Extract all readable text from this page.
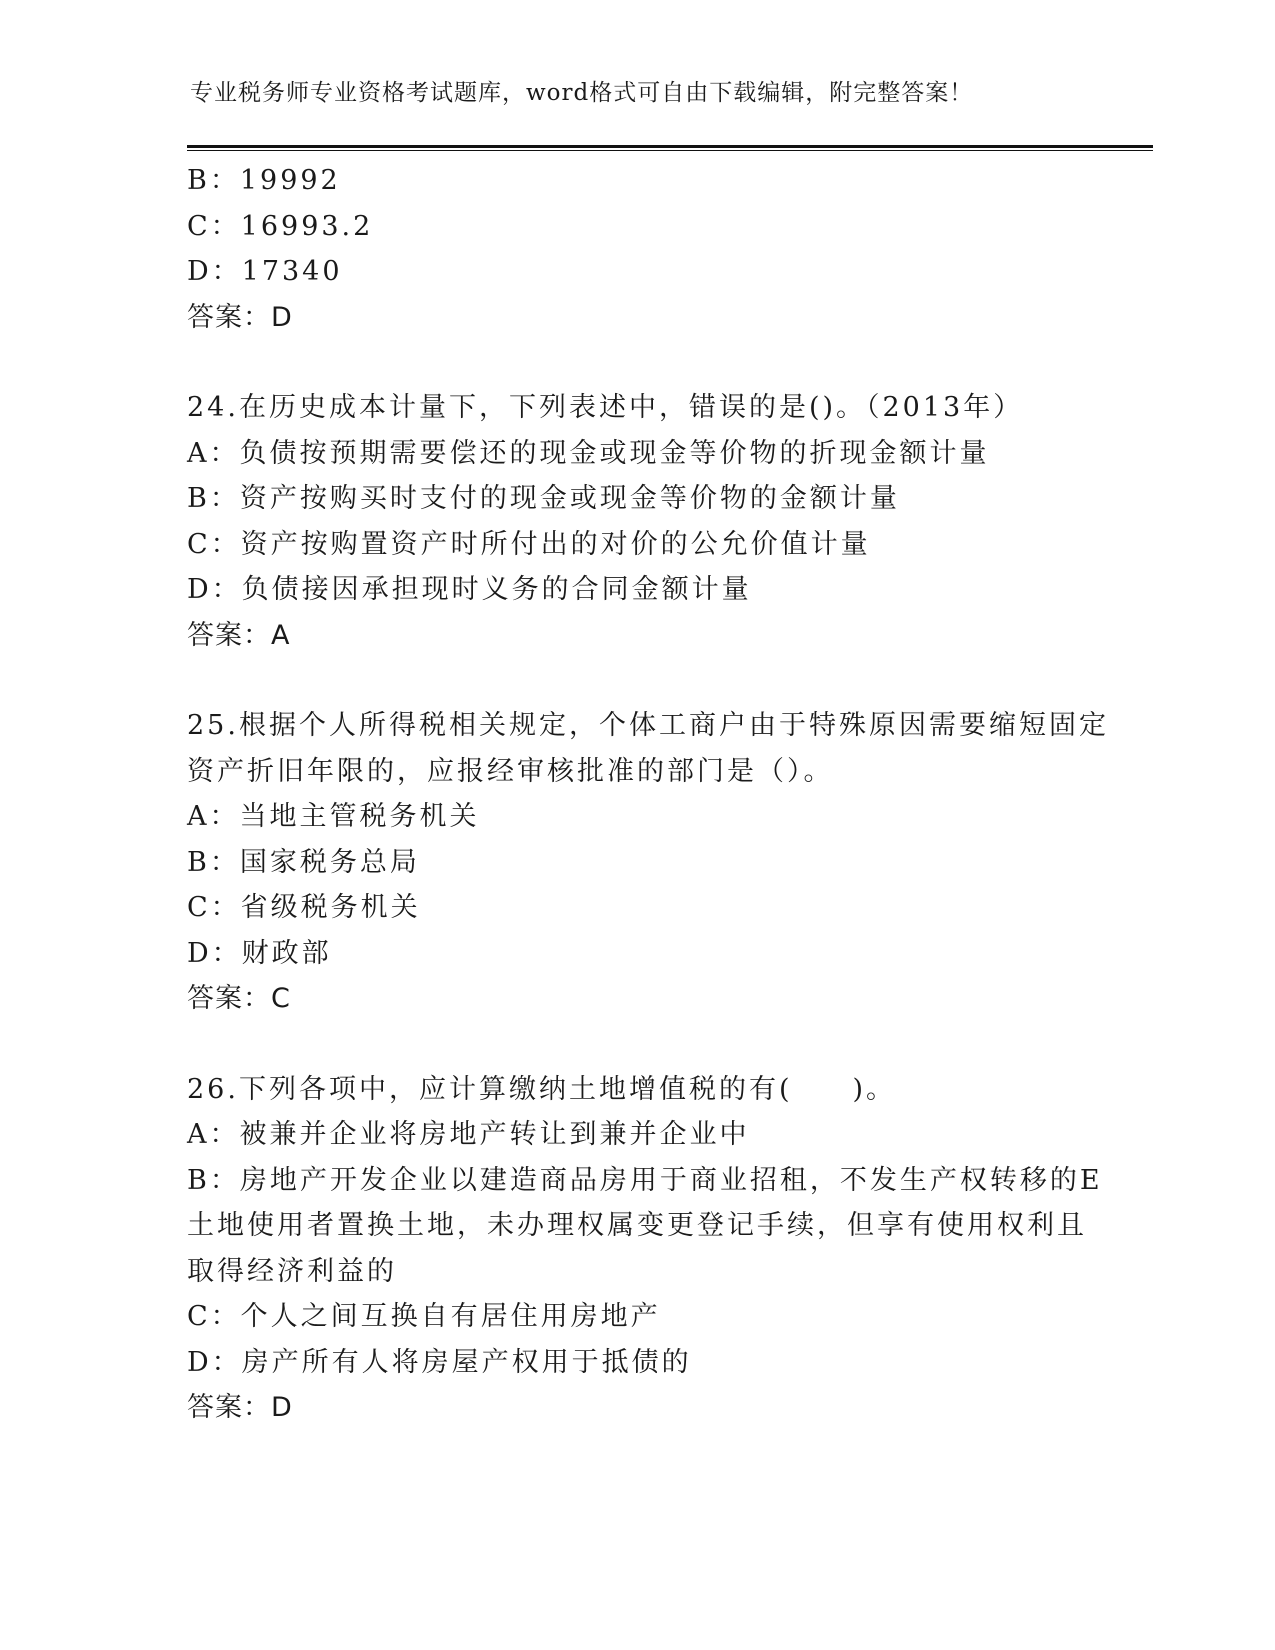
专业税务师专业资格考试题库，word格式可自由下载编辑，附完整答案！
B：19992
C：16993.2
D：17340
答案：D
24.在历史成本计量下，下列表述中，错误的是()。（2013年）
A：负债按预期需要偿还的现金或现金等价物的折现金额计量
B：资产按购买时支付的现金或现金等价物的金额计量
C：资产按购置资产时所付出的对价的公允价值计量
D：负债接因承担现时义务的合同金额计量
答案：A
25.根据个人所得税相关规定，个体工商户由于特殊原因需要缩短固定
资产折旧年限的，应报经审核批准的部门是（）。
A：当地主管税务机关
B：国家税务总局
C：省级税务机关
D：财政部
答案：C
26.下列各项中，应计算缴纳土地增值税的有(　　)。
A：被兼并企业将房地产转让到兼并企业中
B：房地产开发企业以建造商品房用于商业招租，不发生产权转移的E
土地使用者置换土地，未办理权属变更登记手续，但享有使用权利且
取得经济利益的
C：个人之间互换自有居住用房地产
D：房产所有人将房屋产权用于抵债的
答案：D
